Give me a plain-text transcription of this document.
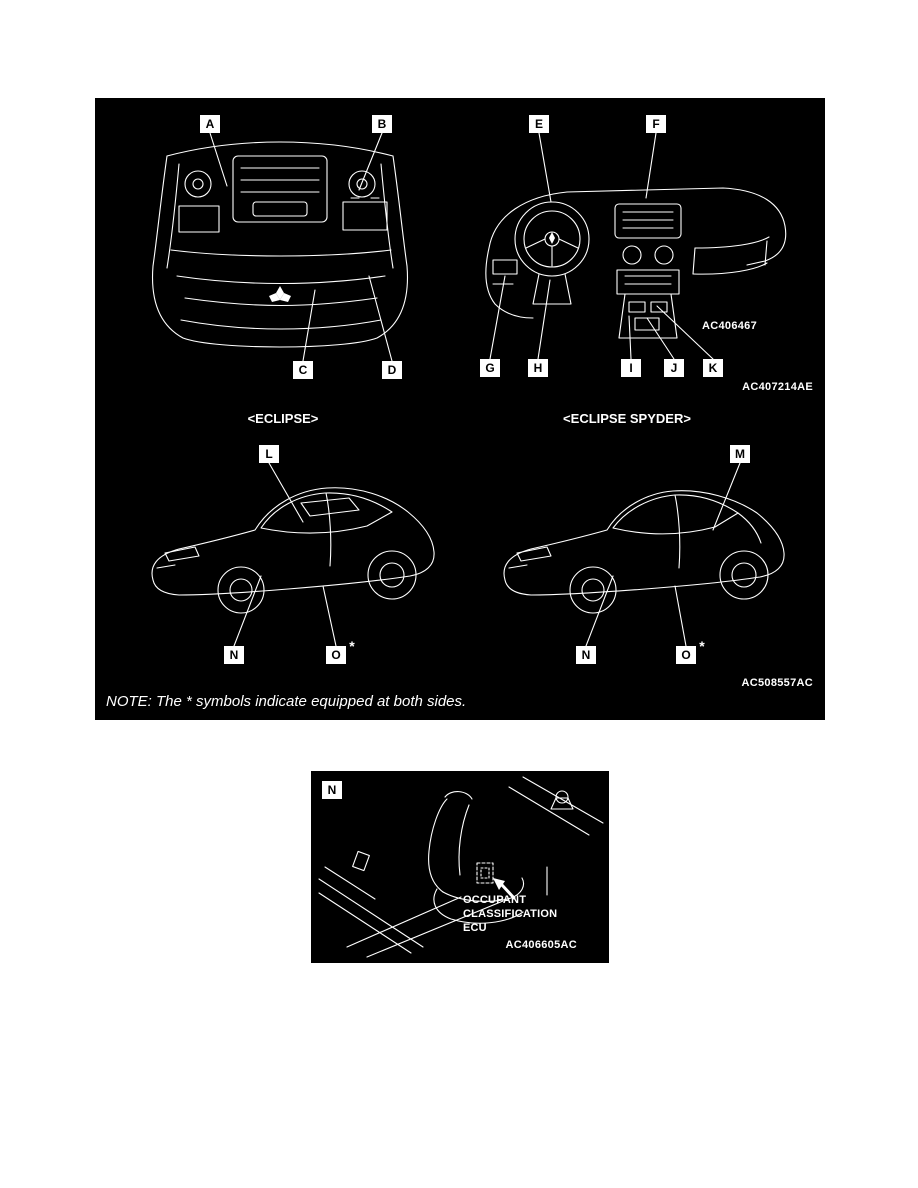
A	B
C	D
E	F
G	H	I	J	K
L	M
N	O
*
N	O
*
<ECLIPSE>	<ECLIPSE SPYDER>
AC406467
AC407214AE
AC508557AC
NOTE: The * symbols indicate equipped at both sides.
N
OCCUPANT
CLASSIFICATION
ECU
AC406605AC
